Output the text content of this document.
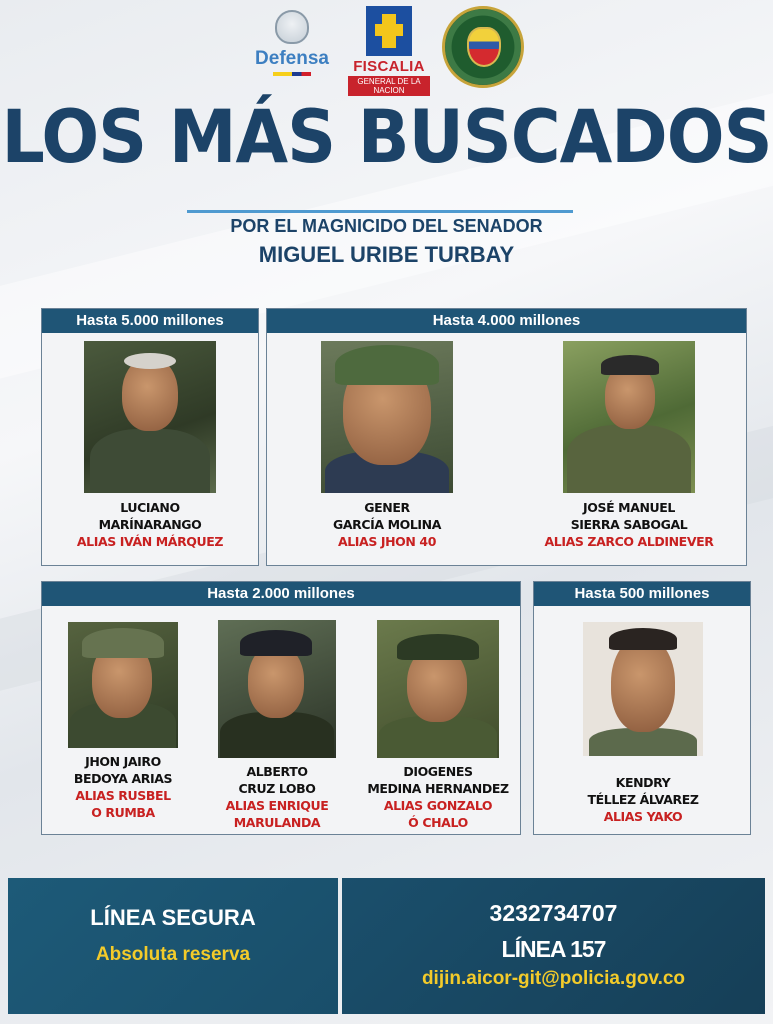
Defensa	FISCALIA
GENERAL DE LA NACION
LOS MÁS BUSCADOS
POR EL MAGNICIDO DEL SENADOR
MIGUEL URIBE TURBAY
Hasta 5.000 millones
LUCIANO
MARÍNARANGO
ALIAS IVÁN MÁRQUEZ
Hasta 4.000 millones
GENER
GARCÍA MOLINA
ALIAS JHON 40
JOSÉ MANUEL
SIERRA SABOGAL
ALIAS ZARCO ALDINEVER
Hasta 2.000 millones
JHON JAIRO
BEDOYA ARIAS
ALIAS RUSBEL
O RUMBA
ALBERTO
CRUZ LOBO
ALIAS ENRIQUE
MARULANDA
DIOGENES
MEDINA HERNANDEZ
ALIAS GONZALO
Ó CHALO
Hasta 500 millones
KENDRY
TÉLLEZ ÁLVAREZ
ALIAS YAKO
LÍNEA SEGURA
Absoluta reserva
3232734707
LÍNEA 157
dijin.aicor-git@policia.gov.co
